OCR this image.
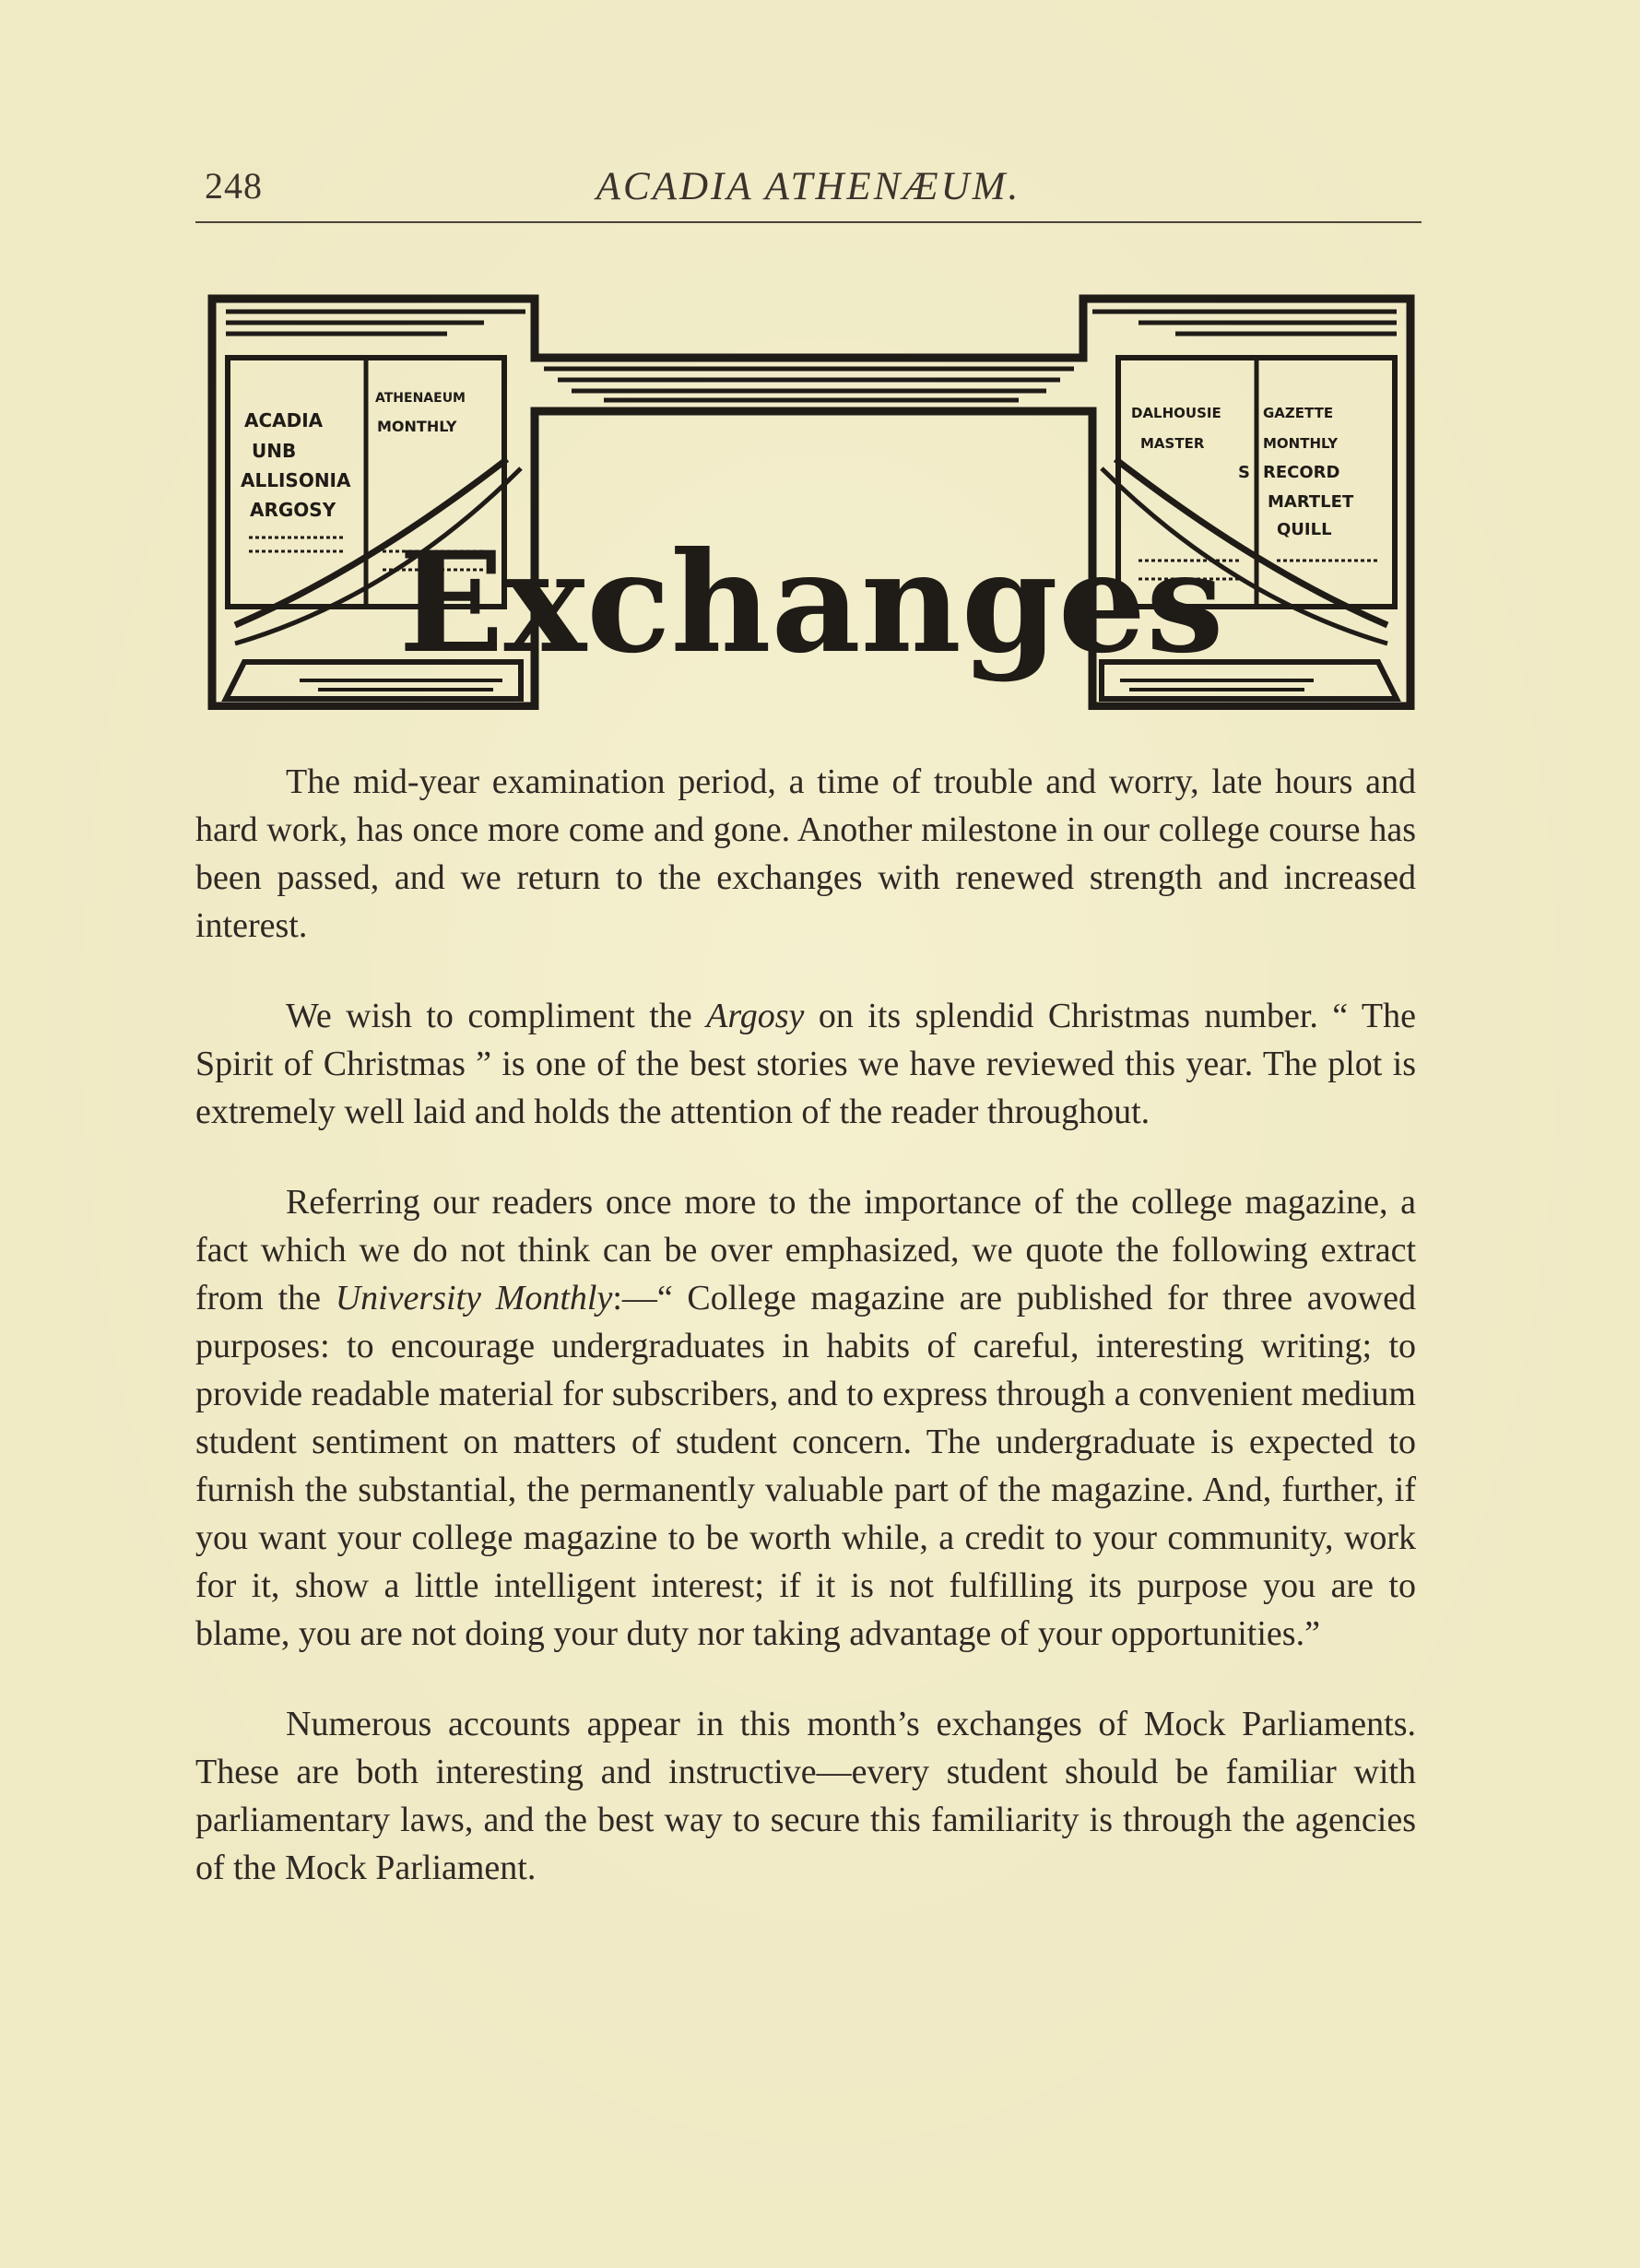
248	ACADIA ATHENÆUM.
ACADIA
UNB
ALLISONIA
ARGOSY
ATHENAEUM
MONTHLY
DALHOUSIE	GAZETTE
MASTER	MONTHLY
S RECORD
MARTLET
QUILL
Exchanges

The mid-year examination period, a time of trouble and worry, late hours and hard work, has once more come and gone. Another milestone in our college course has been passed, and we return to the exchanges with renewed strength and increased interest.

We wish to compliment the Argosy on its splendid Christmas number. “ The Spirit of Christmas ” is one of the best stories we have reviewed this year. The plot is extremely well laid and holds the attention of the reader throughout.

Referring our readers once more to the importance of the college magazine, a fact which we do not think can be over emphasized, we quote the following extract from the University Monthly:—“ College magazine are published for three avowed purposes: to encourage undergraduates in habits of careful, interesting writing; to provide readable material for subscribers, and to express through a convenient medium student sentiment on matters of student concern. The undergraduate is expected to furnish the substantial, the permanently valuable part of the magazine. And, further, if you want your college magazine to be worth while, a credit to your community, work for it, show a little intelligent interest; if it is not fulfilling its purpose you are to blame, you are not doing your duty nor taking advantage of your opportunities.”

Numerous accounts appear in this month’s exchanges of Mock Parliaments. These are both interesting and instructive—every student should be familiar with parliamentary laws, and the best way to secure this familiarity is through the agencies of the Mock Parliament.
